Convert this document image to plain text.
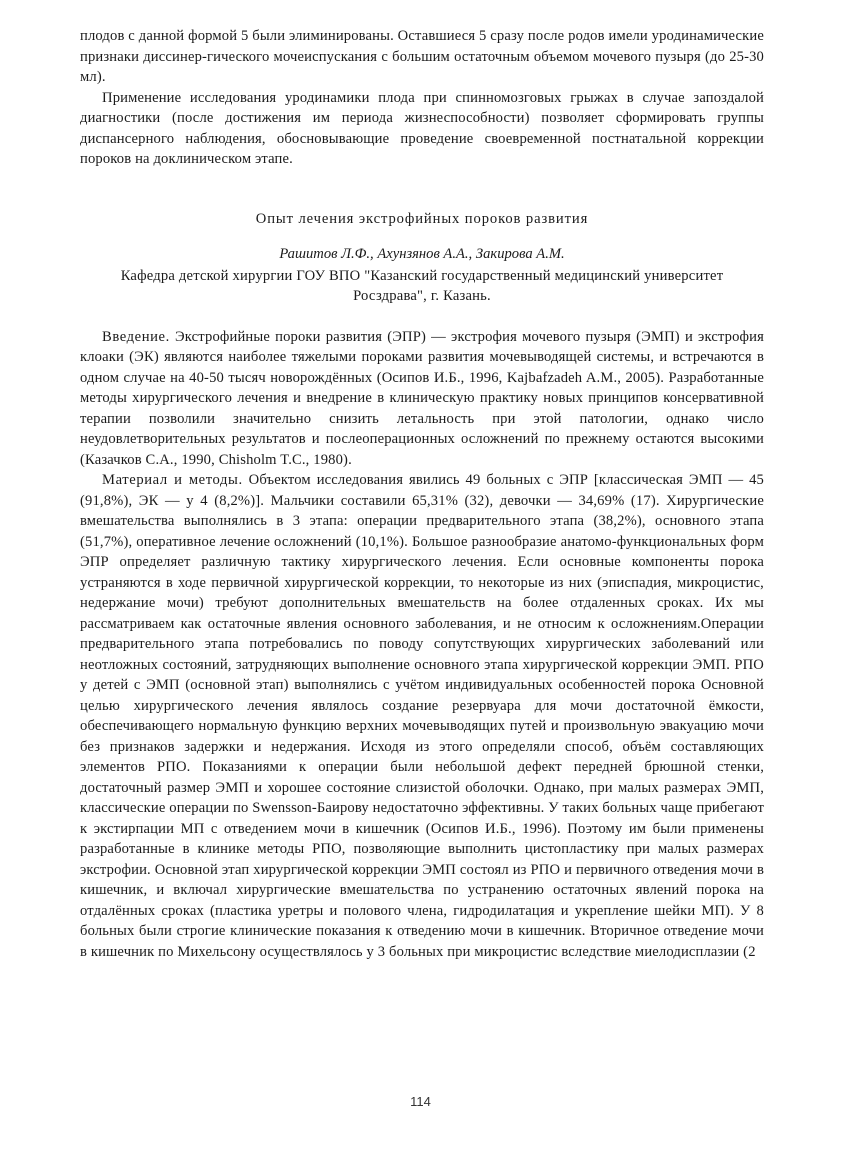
плодов с данной формой 5 были элиминированы. Оставшиеся 5 сразу после родов имели уродинамические признаки диссинер-гического мочеиспускания с большим остаточным объемом мочевого пузыря (до 25-30 мл).

Применение исследования уродинамики плода при спинномозговых грыжах в случае запоздалой диагностики (после достижения им периода жизнеспособности) позволяет сформировать группы диспансерного наблюдения, обосновывающие проведение своевременной постнатальной коррекции пороков на доклиническом этапе.

Опыт лечения экстрофийных пороков развития
Рашитов Л.Ф., Ахунзянов А.А., Закирова А.М.
Кафедра детской хирургии ГОУ ВПО "Казанский государственный медицинский университет Росздрава", г. Казань.

Введение. Экстрофийные пороки развития (ЭПР) — экстрофия мочевого пузыря (ЭМП) и экстрофия клоаки (ЭК) являются наиболее тяжелыми пороками развития мочевыводящей системы, и встречаются в одном случае на 40-50 тысяч новорождённых (Осипов И.Б., 1996, Kajbafzadeh A.M., 2005). Разработанные методы хирургического лечения и внедрение в клиническую практику новых принципов консервативной терапии позволили значительно снизить летальность при этой патологии, однако число неудовлетворительных результатов и послеоперационных осложнений по прежнему остаются высокими (Казачков С.А., 1990, Chisholm T.C., 1980).

Материал и методы. Объектом исследования явились 49 больных с ЭПР [классическая ЭМП — 45 (91,8%), ЭК — у 4 (8,2%)]. Мальчики составили 65,31% (32), девочки — 34,69% (17). Хирургические вмешательства выполнялись в 3 этапа: операции предварительного этапа (38,2%), основного этапа (51,7%), оперативное лечение осложнений (10,1%). Большое разнообразие анатомо-функциональных форм ЭПР определяет различную тактику хирургического лечения. Если основные компоненты порока устраняются в ходе первичной хирургической коррекции, то некоторые из них (эписпадия, микроцистис, недержание мочи) требуют дополнительных вмешательств на более отдаленных сроках. Их мы рассматриваем как остаточные явления основного заболевания, и не относим к осложнениям.Операции предварительного этапа потребовались по поводу сопутствующих хирургических заболеваний или неотложных состояний, затрудняющих выполнение основного этапа хирургической коррекции ЭМП. РПО у детей с ЭМП (основной этап) выполнялись с учётом индивидуальных особенностей порока Основной целью хирургического лечения являлось создание резервуара для мочи достаточной ёмкости, обеспечивающего нормальную функцию верхних мочевыводящих путей и произвольную эвакуацию мочи без признаков задержки и недержания. Исходя из этого определяли способ, объём составляющих элементов РПО. Показаниями к операции были небольшой дефект передней брюшной стенки, достаточный размер ЭМП и хорошее состояние слизистой оболочки. Однако, при малых размерах ЭМП, классические операции по Swensson-Баирову недостаточно эффективны. У таких больных чаще прибегают к экстирпации МП с отведением мочи в кишечник (Осипов И.Б., 1996). Поэтому им были применены разработанные в клинике методы РПО, позволяющие выполнить цистопластику при малых размерах экстрофии. Основной этап хирургической коррекции ЭМП состоял из РПО и первичного отведения мочи в кишечник, и включал хирургические вмешательства по устранению остаточных явлений порока на отдалённых сроках (пластика уретры и полового члена, гидродилатация и укрепление шейки МП). У 8 больных были строгие клинические показания к отведению мочи в кишечник. Вторичное отведение мочи в кишечник по Михельсону осуществлялось у 3 больных при микроцистис вследствие миелодисплазии (2

114
